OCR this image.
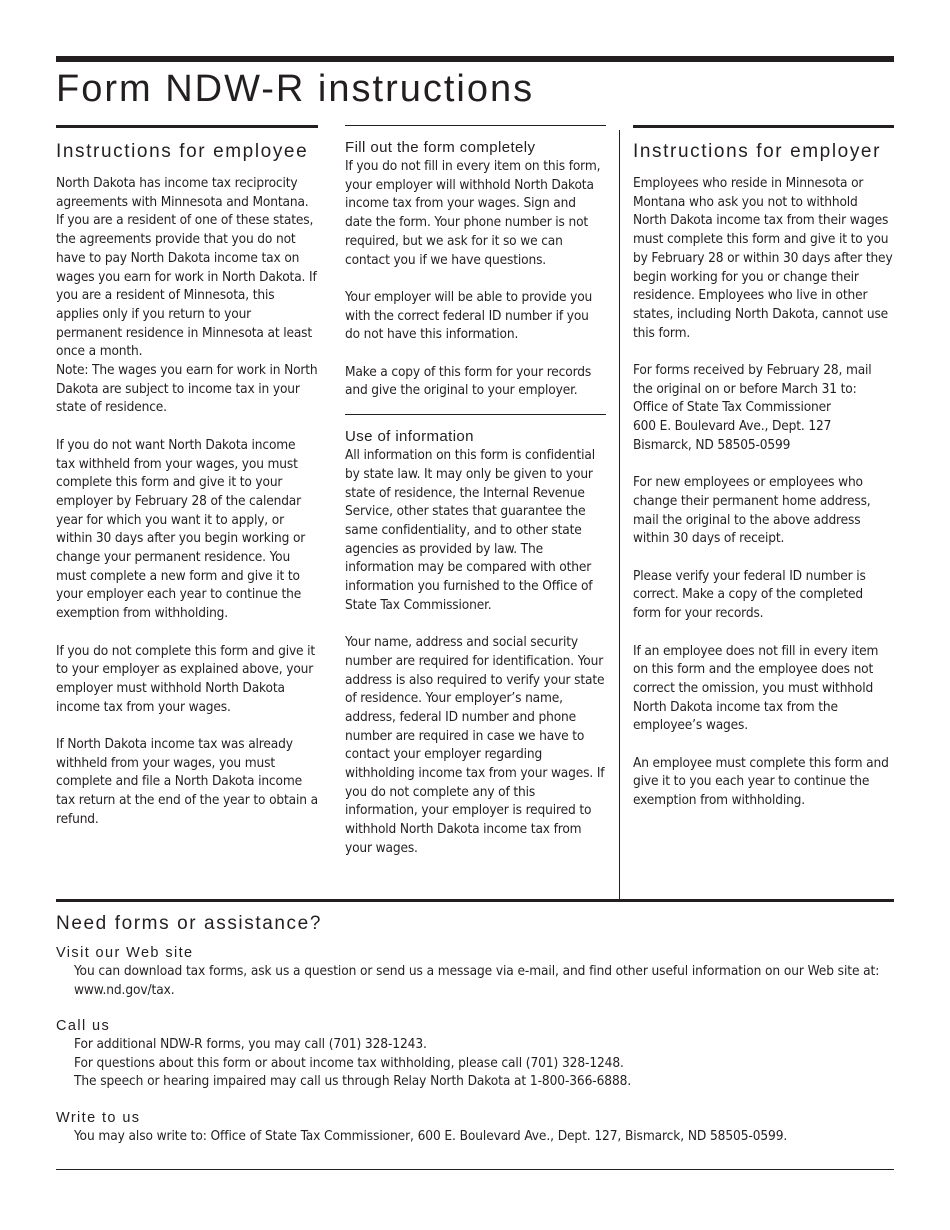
Form NDW-R instructions
Instructions for employee

North Dakota has income tax reciprocity agreements with Minnesota and Montana. If you are a resident of one of these states, the agreements provide that you do not have to pay North Dakota income tax on wages you earn for work in North Dakota. If you are a resident of Minnesota, this applies only if you return to your permanent residence in Minnesota at least once a month.

Note: The wages you earn for work in North Dakota are subject to income tax in your state of residence.

If you do not want North Dakota income tax withheld from your wages, you must complete this form and give it to your employer by February 28 of the calendar year for which you want it to apply, or within 30 days after you begin working or change your permanent residence. You must complete a new form and give it to your employer each year to continue the exemption from withholding.

If you do not complete this form and give it to your employer as explained above, your employer must withhold North Dakota income tax from your wages.

If North Dakota income tax was already withheld from your wages, you must complete and file a North Dakota income tax return at the end of the year to obtain a refund.

Fill out the form completely

If you do not fill in every item on this form, your employer will withhold North Dakota income tax from your wages. Sign and date the form. Your phone number is not required, but we ask for it so we can contact you if we have questions.

Your employer will be able to provide you with the correct federal ID number if you do not have this information.

Make a copy of this form for your records and give the original to your employer.

Use of information

All information on this form is confidential by state law. It may only be given to your state of residence, the Internal Revenue Service, other states that guarantee the same confidentiality, and to other state agencies as provided by law. The information may be compared with other information you furnished to the Office of State Tax Commissioner.

Your name, address and social security number are required for identification. Your address is also required to verify your state of residence. Your employer’s name, address, federal ID number and phone number are required in case we have to contact your employer regarding withholding income tax from your wages. If you do not complete any of this information, your employer is required to withhold North Dakota income tax from your wages.

Instructions for employer

Employees who reside in Minnesota or Montana who ask you not to withhold North Dakota income tax from their wages must complete this form and give it to you by February 28 or within 30 days after they begin working for you or change their residence. Employees who live in other states, including North Dakota, cannot use this form.

For forms received by February 28, mail the original on or before March 31 to:
Office of State Tax Commissioner
600 E. Boulevard Ave., Dept. 127
Bismarck, ND 58505-0599

For new employees or employees who change their permanent home address, mail the original to the above address within 30 days of receipt.

Please verify your federal ID number is correct. Make a copy of the completed form for your records.

If an employee does not fill in every item on this form and the employee does not correct the omission, you must withhold North Dakota income tax from the employee’s wages.

An employee must complete this form and give it to you each year to continue the exemption from withholding.

Need forms or assistance?
Visit our Web site

You can download tax forms, ask us a question or send us a message via e-mail, and find other useful information on our Web site at: www.nd.gov/tax.

Call us
For additional NDW-R forms, you may call (701) 328-1243.
For questions about this form or about income tax withholding, please call (701) 328-1248.
The speech or hearing impaired may call us through Relay North Dakota at 1-800-366-6888.
Write to us

You may also write to: Office of State Tax Commissioner, 600 E. Boulevard Ave., Dept. 127, Bismarck, ND 58505-0599.
